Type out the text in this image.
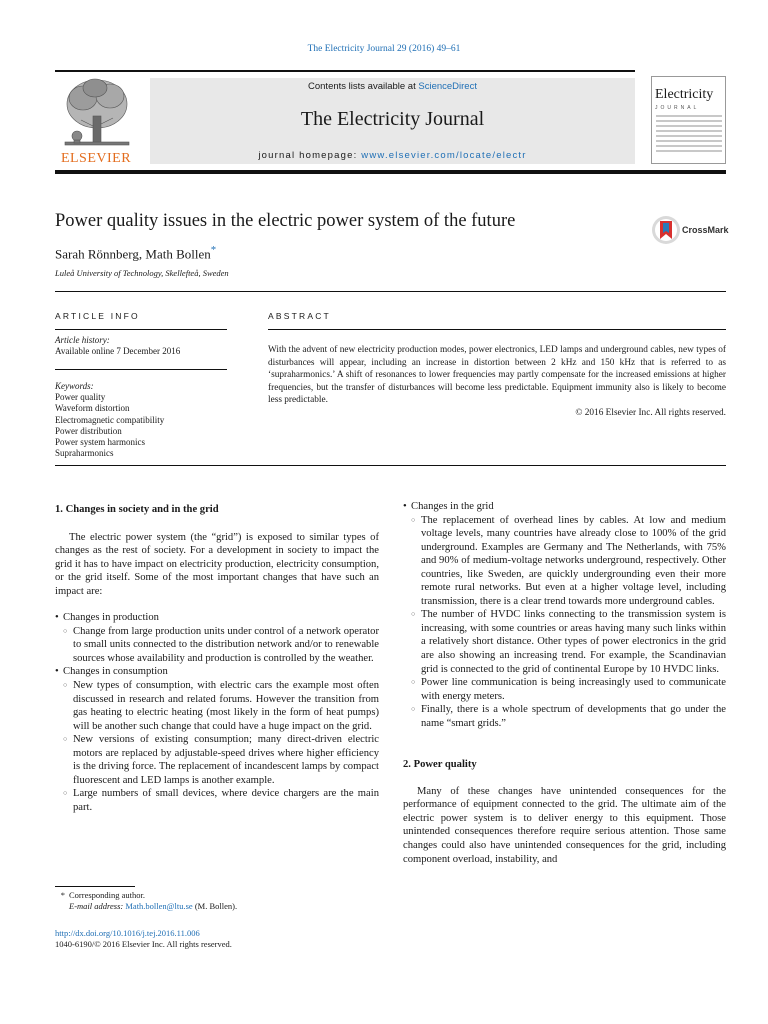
The Electricity Journal 29 (2016) 49–61
ELSEVIER
Contents lists available at ScienceDirect
The Electricity Journal
journal homepage: www.elsevier.com/locate/electr
Electricity
JOURNAL
Power quality issues in the electric power system of the future	CrossMark
Sarah Rönnberg, Math Bollen*
Luleå University of Technology, Skellefteå, Sweden
ARTICLE INFO	ABSTRACT
Article history:
Available online 7 December 2016
Keywords:
Power quality
Waveform distortion
Electromagnetic compatibility
Power distribution
Power system harmonics
Supraharmonics
With the advent of new electricity production modes, power electronics, LED lamps and underground cables, new types of disturbances will appear, including an increase in distortion between 2 kHz and 150 kHz that is referred to as ‘supraharmonics.’ A shift of resonances to lower frequencies may partly compensate for the increased emissions at higher frequencies, but the transfer of disturbances will become less predictable. Equipment immunity also is likely to become less predictable.
© 2016 Elsevier Inc. All rights reserved.
1. Changes in society and in the grid
The electric power system (the “grid”) is exposed to similar types of changes as the rest of society. For a development in society to impact the grid it has to have impact on electricity production, electricity consumption, or the grid itself. Some of the most important changes that have such an impact are:
• Changes in production
○ Change from large production units under control of a network operator to small units connected to the distribution network and/or to renewable sources whose availability and production is controlled by the weather.
• Changes in consumption
○ New types of consumption, with electric cars the example most often discussed in research and related forums. However the transition from gas heating to electric heating (most likely in the form of heat pumps) will be another such change that could have a huge impact on the grid.
○ New versions of existing consumption; many direct-driven electric motors are replaced by adjustable-speed drives where higher efficiency is the driving force. The replacement of incandescent lamps by compact fluorescent and LED lamps is another example.
○ Large numbers of small devices, where device chargers are the main part.
• Changes in the grid
○ The replacement of overhead lines by cables. At low and medium voltage levels, many countries have already close to 100% of the grid underground. Examples are Germany and The Netherlands, with 75% and 90% of medium-voltage networks underground, respectively. Other countries, like Sweden, are quickly undergrounding even their more remote rural networks. But even at a higher voltage level, including transmission, there is a clear trend towards more underground cables.
○ The number of HVDC links connecting to the transmission system is increasing, with some countries or areas having many such links within a relatively short distance. Other types of power electronics in the grid are also showing an increasing trend. For example, the Scandinavian grid is connected to the grid of continental Europe by 10 HVDC links.
○ Power line communication is being increasingly used to communicate with energy meters.
○ Finally, there is a whole spectrum of developments that go under the name “smart grids.”
2. Power quality
Many of these changes have unintended consequences for the performance of equipment connected to the grid. The ultimate aim of the electric power system is to deliver energy to this equipment. Those unintended consequences therefore require serious attention. Those same changes could also have unintended consequences for the grid, including component overload, instability, and
* Corresponding author.
E-mail address: Math.bollen@ltu.se (M. Bollen).
http://dx.doi.org/10.1016/j.tej.2016.11.006
1040-6190/© 2016 Elsevier Inc. All rights reserved.
